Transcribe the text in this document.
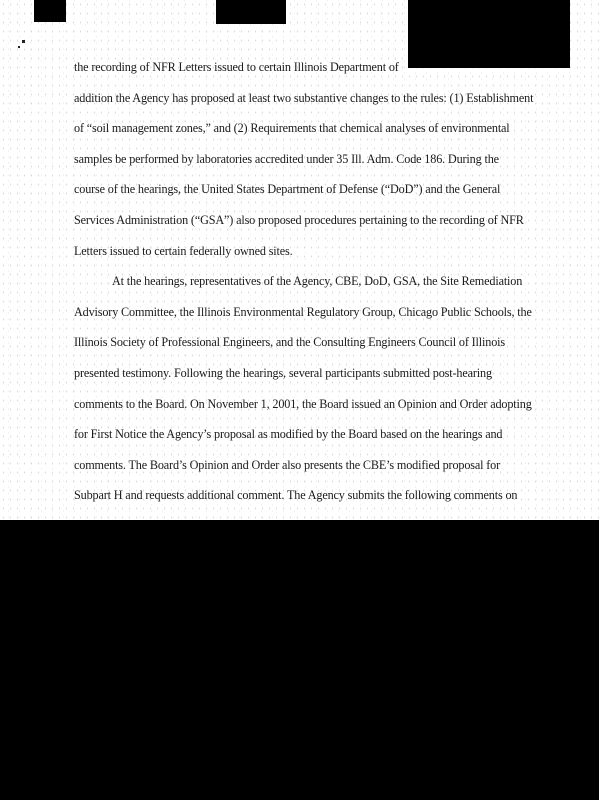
the recording of NFR Letters issued to certain Illinois Department of
addition the Agency has proposed at least two substantive changes to the rules: (1) Establishment
of “soil management zones,” and (2) Requirements that chemical analyses of environmental
samples be performed by laboratories accredited under 35 Ill. Adm. Code 186. During the
course of the hearings, the United States Department of Defense (“DoD”) and the General
Services Administration (“GSA”) also proposed procedures pertaining to the recording of NFR
Letters issued to certain federally owned sites.
At the hearings, representatives of the Agency, CBE, DoD, GSA, the Site Remediation
Advisory Committee, the Illinois Environmental Regulatory Group, Chicago Public Schools, the
Illinois Society of Professional Engineers, and the Consulting Engineers Council of Illinois
presented testimony. Following the hearings, several participants submitted post-hearing
comments to the Board. On November 1, 2001, the Board issued an Opinion and Order adopting
for First Notice the Agency’s proposal as modified by the Board based on the hearings and
comments. The Board’s Opinion and Order also presents the CBE’s modified proposal for
Subpart H and requests additional comment. The Agency submits the following comments on
